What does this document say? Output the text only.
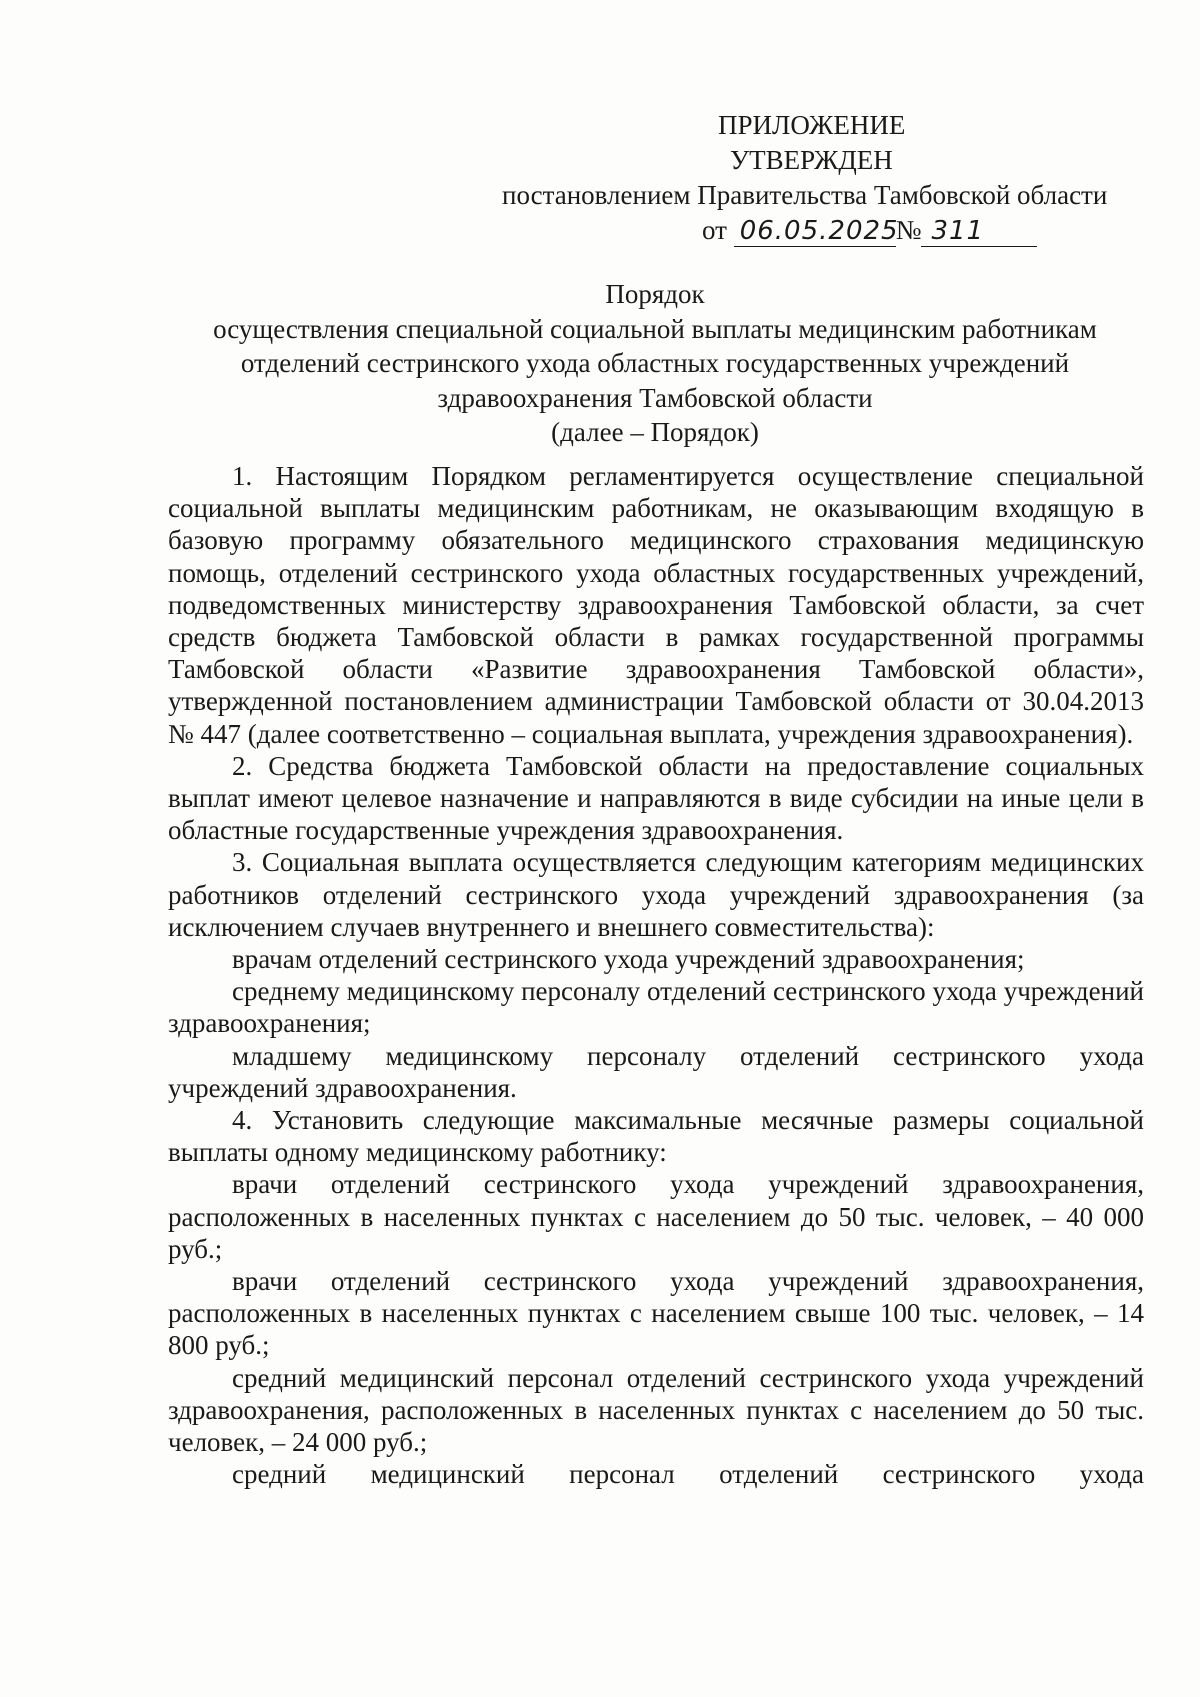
ПРИЛОЖЕНИЕ
УТВЕРЖДЕН
постановлением Правительства Тамбовской области
от 06.05.2025№ 311
Порядок
осуществления специальной социальной выплаты медицинским работникам
отделений сестринского ухода областных государственных учреждений
здравоохранения Тамбовской области
(далее – Порядок)

1. Настоящим Порядком регламентируется осуществление специальной социальной выплаты медицинским работникам, не оказывающим входящую в базовую программу обязательного медицинского страхования медицинскую помощь, отделений сестринского ухода областных государственных учреждений, подведомственных министерству здравоохранения Тамбовской области, за счет средств бюджета Тамбовской области в рамках государственной программы Тамбовской области «Развитие здравоохранения Тамбовской области», утвержденной постановлением администрации Тамбовской области от 30.04.2013 № 447 (далее соответственно – социальная выплата, учреждения здравоохранения).

2. Средства бюджета Тамбовской области на предоставление социальных выплат имеют целевое назначение и направляются в виде субсидии на иные цели в областные государственные учреждения здравоохранения.

3. Социальная выплата осуществляется следующим категориям медицинских работников отделений сестринского ухода учреждений здравоохранения (за исключением случаев внутреннего и внешнего совместительства):

врачам отделений сестринского ухода учреждений здравоохранения;

среднему медицинскому персоналу отделений сестринского ухода учреждений здравоохранения;

младшему медицинскому персоналу отделений сестринского ухода учреждений здравоохранения.

4. Установить следующие максимальные месячные размеры социальной выплаты одному медицинскому работнику:

врачи отделений сестринского ухода учреждений здравоохранения, расположенных в населенных пунктах с населением до 50 тыс. человек, – 40 000 руб.;

врачи отделений сестринского ухода учреждений здравоохранения, расположенных в населенных пунктах с населением свыше 100 тыс. человек, – 14 800 руб.;

средний медицинский персонал отделений сестринского ухода учреждений здравоохранения, расположенных в населенных пунктах с населением до 50 тыс. человек, – 24 000 руб.;

средний медицинский персонал отделений сестринского ухода
